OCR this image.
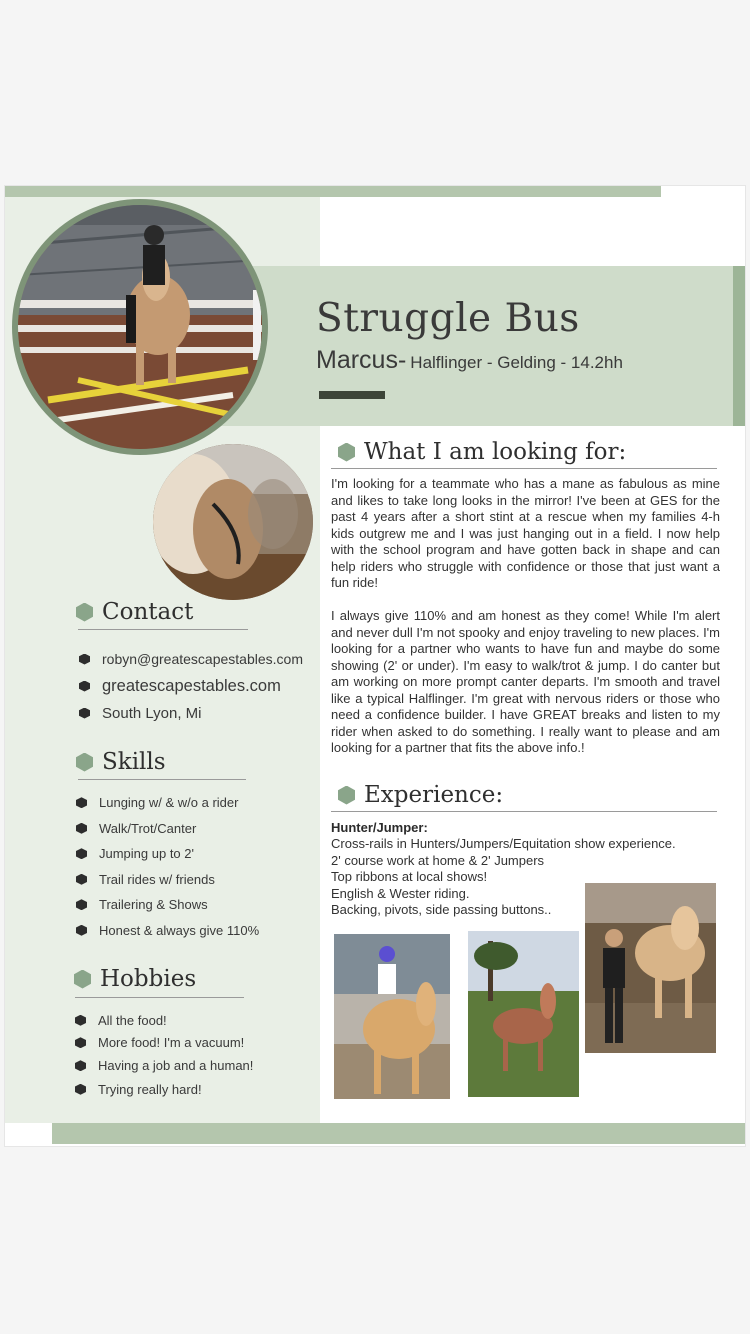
Struggle Bus
Marcus- Halflinger - Gelding - 14.2hh
What I am looking for:

I'm looking for a teammate who has a mane as fabulous as mine and likes to take long looks in the mirror! I've been at GES for the past 4 years after a short stint at a rescue when my families 4-h kids outgrew me and I was just hanging out in a field. I now help with the school program and have gotten back in shape and can help riders who struggle with confidence or those that just want a fun ride!

I always give 110% and am honest as they come! While I'm alert and never dull I'm not spooky and enjoy traveling to new places. I'm looking for a partner who wants to have fun and maybe do some showing (2' or under). I'm easy to walk/trot & jump. I do canter but am working on more prompt canter departs. I'm smooth and travel like a typical Halflinger. I'm great with nervous riders or those who need a confidence builder. I have GREAT breaks and listen to my rider when asked to do something. I really want to please and am looking for a partner that fits the above info.!

Experience:
Hunter/Jumper:
Cross-rails in Hunters/Jumpers/Equitation show experience.
2' course work at home & 2' Jumpers
Top ribbons at local shows!
English & Wester riding.
Backing, pivots, side passing buttons..
Contact
robyn@greatescapestables.com
greatescapestables.com
South Lyon, Mi
Skills
Lunging w/ & w/o a rider
Walk/Trot/Canter
Jumping up to 2'
Trail rides w/ friends
Trailering & Shows
Honest & always give 110%
Hobbies
All the food!
More food! I'm a vacuum!
Having a job and a human!
Trying really hard!
